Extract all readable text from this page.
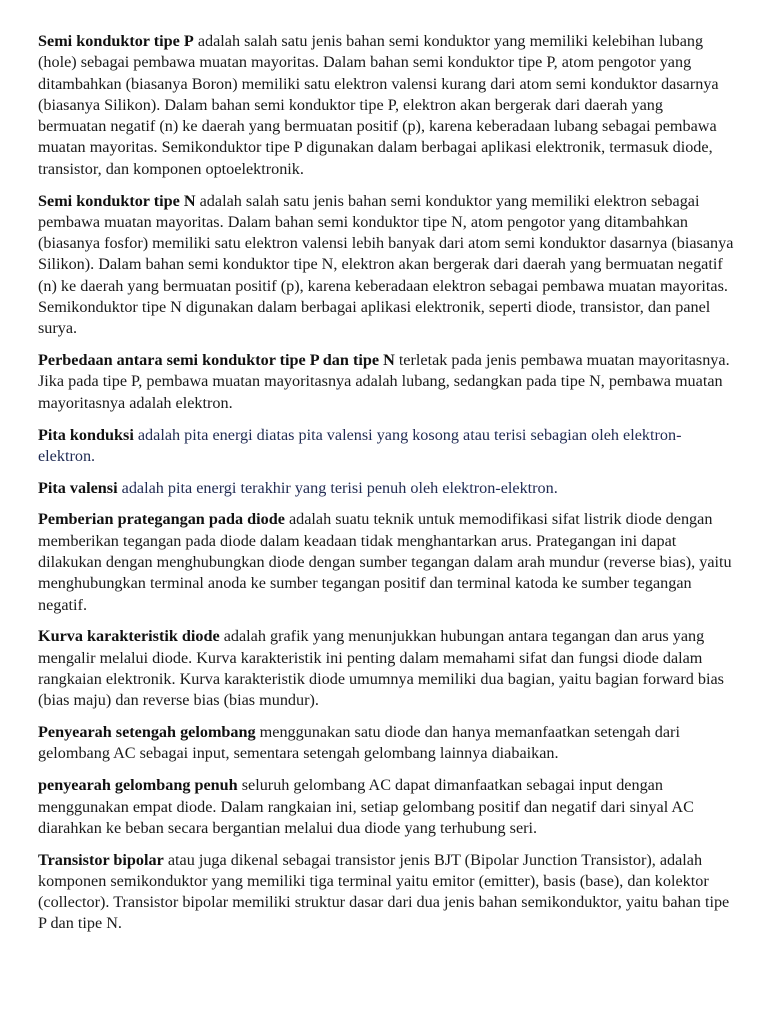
Semi konduktor tipe P adalah salah satu jenis bahan semi konduktor yang memiliki kelebihan lubang (hole) sebagai pembawa muatan mayoritas. Dalam bahan semi konduktor tipe P, atom pengotor yang ditambahkan (biasanya Boron) memiliki satu elektron valensi kurang dari atom semi konduktor dasarnya (biasanya Silikon). Dalam bahan semi konduktor tipe P, elektron akan bergerak dari daerah yang bermuatan negatif (n) ke daerah yang bermuatan positif (p), karena keberadaan lubang sebagai pembawa muatan mayoritas. Semikonduktor tipe P digunakan dalam berbagai aplikasi elektronik, termasuk diode, transistor, dan komponen optoelektronik.

Semi konduktor tipe N adalah salah satu jenis bahan semi konduktor yang memiliki elektron sebagai pembawa muatan mayoritas. Dalam bahan semi konduktor tipe N, atom pengotor yang ditambahkan (biasanya fosfor) memiliki satu elektron valensi lebih banyak dari atom semi konduktor dasarnya (biasanya Silikon). Dalam bahan semi konduktor tipe N, elektron akan bergerak dari daerah yang bermuatan negatif (n) ke daerah yang bermuatan positif (p), karena keberadaan elektron sebagai pembawa muatan mayoritas. Semikonduktor tipe N digunakan dalam berbagai aplikasi elektronik, seperti diode, transistor, dan panel surya.

Perbedaan antara semi konduktor tipe P dan tipe N terletak pada jenis pembawa muatan mayoritasnya. Jika pada tipe P, pembawa muatan mayoritasnya adalah lubang, sedangkan pada tipe N, pembawa muatan mayoritasnya adalah elektron.

Pita konduksi adalah pita energi diatas pita valensi yang kosong atau terisi sebagian oleh elektron- elektron.

Pita valensi adalah pita energi terakhir yang terisi penuh oleh elektron-elektron.

Pemberian prategangan pada diode adalah suatu teknik untuk memodifikasi sifat listrik diode dengan memberikan tegangan pada diode dalam keadaan tidak menghantarkan arus. Prategangan ini dapat dilakukan dengan menghubungkan diode dengan sumber tegangan dalam arah mundur (reverse bias), yaitu menghubungkan terminal anoda ke sumber tegangan positif dan terminal katoda ke sumber tegangan negatif.

Kurva karakteristik diode adalah grafik yang menunjukkan hubungan antara tegangan dan arus yang mengalir melalui diode. Kurva karakteristik ini penting dalam memahami sifat dan fungsi diode dalam rangkaian elektronik. Kurva karakteristik diode umumnya memiliki dua bagian, yaitu bagian forward bias (bias maju) dan reverse bias (bias mundur).

Penyearah setengah gelombang menggunakan satu diode dan hanya memanfaatkan setengah dari gelombang AC sebagai input, sementara setengah gelombang lainnya diabaikan.

penyearah gelombang penuh seluruh gelombang AC dapat dimanfaatkan sebagai input dengan menggunakan empat diode. Dalam rangkaian ini, setiap gelombang positif dan negatif dari sinyal AC diarahkan ke beban secara bergantian melalui dua diode yang terhubung seri.

Transistor bipolar atau juga dikenal sebagai transistor jenis BJT (Bipolar Junction Transistor), adalah komponen semikonduktor yang memiliki tiga terminal yaitu emitor (emitter), basis (base), dan kolektor (collector). Transistor bipolar memiliki struktur dasar dari dua jenis bahan semikonduktor, yaitu bahan tipe P dan tipe N.
